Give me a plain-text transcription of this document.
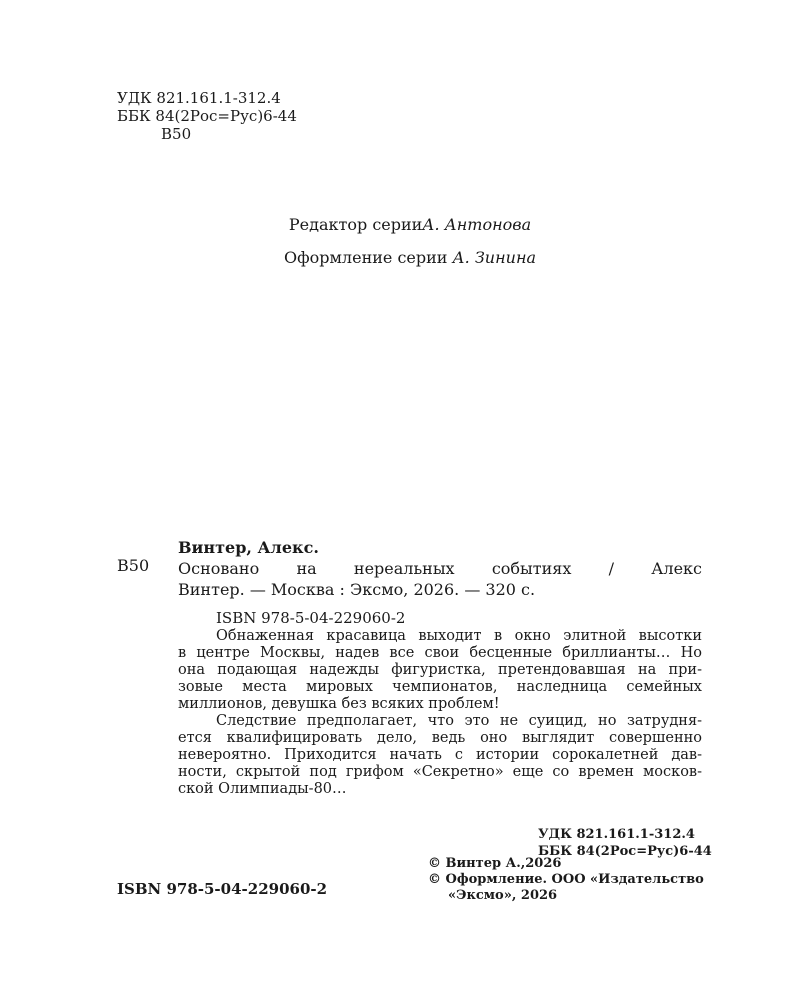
УДК 821.161.1-312.4
ББК 84(2Рос=Рус)6-44
В50
Редактор серииА. Антонова
Оформление серии А. Зинина
В50
Винтер, Алекс.
Основано на нереальных событиях / Алекс
Винтер. — Москва : Эксмо, 2026. — 320 с.
ISBN 978-5-04-229060-2
Обнаженная красавица выходит в окно элитной высотки
в центре Москвы, надев все свои бесценные бриллианты… Но
она подающая надежды фигуристка, претендовавшая на при-
зовые места мировых чемпионатов, наследница семейных
миллионов, девушка без всяких проблем!
Следствие предполагает, что это не суицид, но затрудня-
ется квалифицировать дело, ведь оно выглядит совершенно
невероятно. Приходится начать с истории сорокалетней дав-
ности, скрытой под грифом «Секретно» еще со времен москов-
ской Олимпиады-80…
УДК 821.161.1-312.4
ББК 84(2Рос=Рус)6-44
ISBN 978-5-04-229060-2
© Винтер А.,2026
© Оформление. ООО «Издательство
«Эксмо», 2026
